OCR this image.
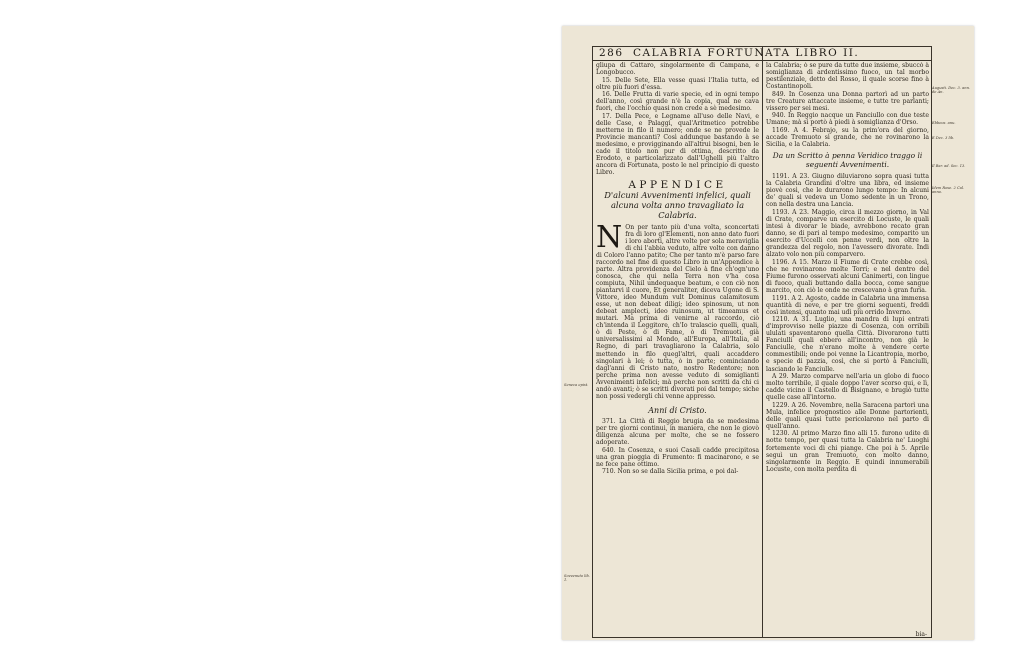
Augusti. Dec. 3. ann. de An.
Ebbeos. anu.
E Dec. 3 lib.
Il Bar. ad. Sec. 13.
Idem Rose. 2 Cal. anno.
Seneca epist.
Sovvenuto lib. 1.
286 CALABRIA FORTUNATA LIBRO II.

gliupa di Cattaro, singolarmente di Campana, e Longobucco.

15. Delle Sete, Ella vesse quasi l'Italia tutta, ed oltre più fuori d'essa.

16. Delle Frutta di varie specie, ed in ogni tempo dell'anno, così grande n'è la copia, qual ne cava fuori, che l'occhio quasi non crede a sè medesimo.

17. Della Pece, e Legname all'uso delle Navi, e delle Case, e Palaggi, qual'Aritmetico potrebbe metterne in filo il numero; onde se ne provede le Provincie mancanti? Così addunque bastando à se medesimo, e provigginando all'altrui bisogni, ben le cade il titolo non pur di ottima, descritto da Erodoto, e particolarizzato dall'Ughelli più l'altro ancora di Fortunata, posto le nel principio di questo Libro.

APPENDICE
D'alcuni Avvenimenti infelici, quali alcuna volta anno travagliato la Calabria.

N On per tanto più d'una volta, sconcertati fra di loro gl'Elementi, non anno dato fuori i loro aborti, altre volte per sola meraviglia di chi l'abbia veduto, altre volte con danno di Coloro l'anno patito; Che per tanto m'è parso fare raccordo nel fine di questo Libro in un'Appendice à parte. Altra providenza del Cielo à fine ch'ogn'uno conosca, che qui nella Terra non v'ha cosa compiuta, Nihil undequaque beatum, e con ciò non piantarvi il cuore, Et generaliter, diceva Ugone di S. Vittore, ideo Mundum vult Dominus calamitosum esse, ut non debeat diligi; ideo spinosum, ut non debeat amplecti, ideo ruinosum, ut timeamus et mutari. Ma prima di venirne al raccordo, ciò ch'intenda il Leggitore, ch'Io tralascio quelli, quali, ò di Peste, ò di Fame, ò di Tremuoti, già universalissimi al Mondo, all'Europa, all'Italia, al Regno, di pari travagliarono la Calabria, solo mettendo in filo quegl'altri, quali accaddero singolari à lei; ò tutta, ò in parte; cominciando dagl'anni di Cristo nato, nostro Redentore; non perche prima non avesse veduto di somiglianti Avvenimenti infelici; mà perche non scritti da chi ci andò avanti; ò se scritti divorati poi dal tempo; siche non possi vedergli chi venne appresso.

Anni di Cristo.

371. La Città di Reggio brugia da se medesima per tre giorni continui, in maniera, che non le giovò diligenza alcuna per molte, che se ne fossero adoperate.

640. In Cosenza, e suoi Casali cadde precipitosa una gran pioggia di Frumento: fi macinarono, e se ne fece pane ottimo.

710. Non so se dalla Sicilia prima, e poi dal-

la Calabria; ò se pure da tutte due insieme, sbuccò à somiglianza di ardentissimo fuoco, un tal morbo pestilenziale, detto del Rosso, il quale scorse fino à Costantinopoli.

849. In Cosenza una Donna partorì ad un parto tre Creature attaccate insieme, e tutte tre parlanti; vissero per sei mesi.

940. In Reggio nacque un Fanciullo con due teste Umane; mà sì portò à piedi à somiglianza d'Orso.

1169. A 4. Febrajo, su la prim'ora del giorno, accade Tremuoto sì grande, che ne rovinarono la Sicilia, e la Calabria.

Da un Scritto à penna Veridico traggo li seguenti Avvenimenti.

1191. A 23. Giugno diluviarono sopra quasi tutta la Calabria Grandini d'oltre una libra, ed insieme piovè così, che le durarono lungo tempo: In alcuni de' quali si vedeva un Uomo sedente in un Trono, con nella destra una Lancia.

1193. A 23. Maggio, circa il mezzo giorno, in Val di Crate, comparve un esercito di Locuste, le quali intesi à divorar le biade, avrebbono recato gran danno, se di pari al tempo medesimo, comparito un esercito d'Uccelli con penne verdi, non oltre la grandezza del regolo, non l'avessero divorate. Indi alzato volo non più comparvero.

1196. A 15. Marzo il Fiume di Crate crebbe così, che ne rovinarono molte Torri; e nel dentro del Fiume furono osservati alcuni Canimerti, con lingue di fuoco, quali buttando dalla bocca, come sangue marcito, con ciò le onde ne crescevano à gran furia.

1191. A 2. Agosto, cadde in Calabria una immensa quantità di neve, e per tre giorni seguenti, freddi così intensi, quanto mai udì più orrido Inverno.

1210. A 31. Luglio, una mandra di lupi entrati d'improvviso nelle piazze di Cosenza, con orribili ululati spaventarono quella Città. Divorarono tutti Fanciulli quali ebbero all'incontro, non già le Fanciulle, che n'erano molte à vendere certe commestibili; onde poi venne la Licantropia, morbo, e specie di pazzia, così, che si portò à Fanciulli, lasciando le Fanciulle.

A 29. Marzo comparve nell'aria un globo di fuoco molto terribile, il quale doppo l'aver scorso qui, e lì, cadde vicino il Castello di Bisignano, e brugiò tutte quelle case all'intorno.

1229. A 26. Novembre, nella Saracena partorì una Mula, infelice prognostico alle Donne partorienti, delle quali quasi tutte pericolarono nel parto di quell'anno.

1230. Al primo Marzo fino alli 15. furono udite di notte tempo, per quasi tutta la Calabria ne' Luoghi fortemente voci di chi piange. Che poi à 5. Aprile seguì un gran Tremuoto, con molto danno, singolarmente in Reggio. E quindi innumerabili Locuste, con molta perdita di

bia-
